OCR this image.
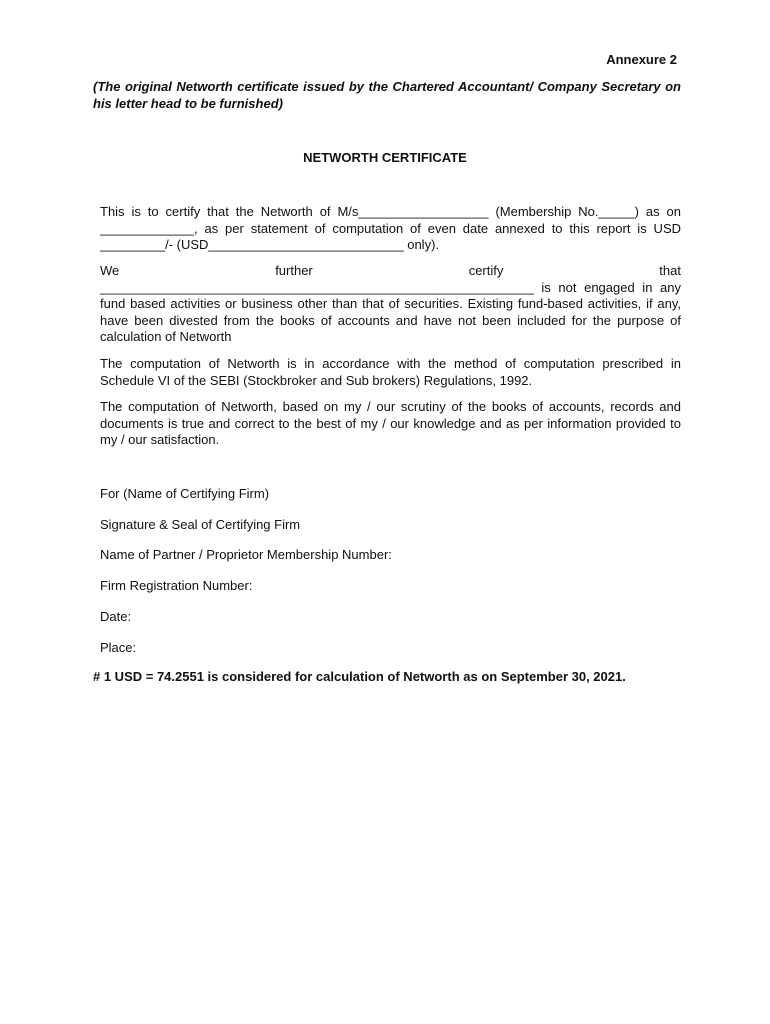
Annexure 2
(The original Networth certificate issued by the Chartered Accountant/ Company Secretary on his letter head to be furnished)
NETWORTH CERTIFICATE
This is to certify that the Networth of M/s__________________ (Membership No._____) as on _____________, as per statement of computation of even date annexed to this report is USD _________/- (USD___________________________ only).
We	further	certify	that
____________________________________________________________ is not engaged in any fund based activities or business other than that of securities. Existing fund-based activities, if any, have been divested from the books of accounts and have not been included for the purpose of calculation of Networth
The computation of Networth is in accordance with the method of computation prescribed in Schedule VI of the SEBI (Stockbroker and Sub brokers) Regulations, 1992.
The computation of Networth, based on my / our scrutiny of the books of accounts, records and documents is true and correct to the best of my / our knowledge and as per information provided to my / our satisfaction.
For (Name of Certifying Firm)
Signature & Seal of Certifying Firm
Name of Partner / Proprietor Membership Number:
Firm Registration Number:
Date:
Place:
# 1 USD = 74.2551 is considered for calculation of Networth as on September 30, 2021.
